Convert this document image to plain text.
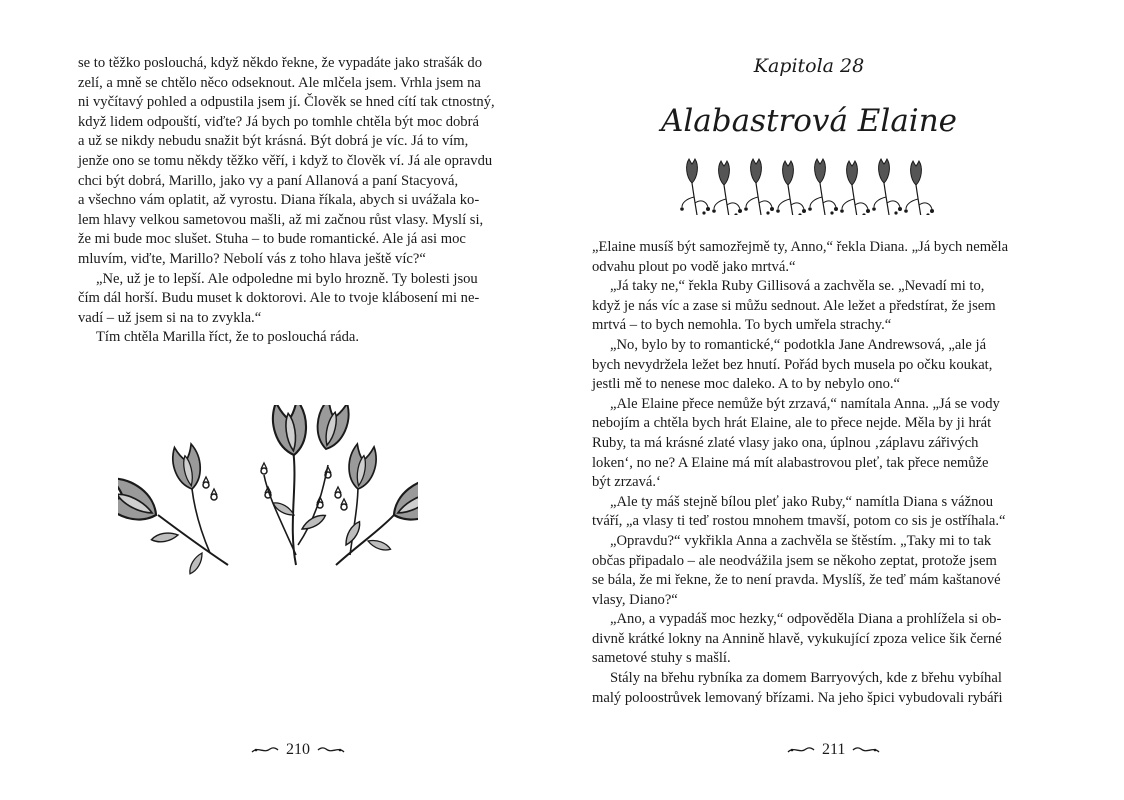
se to těžko poslouchá, když někdo řekne, že vypadáte jako strašák do

zelí, a mně se chtělo něco odseknout. Ale mlčela jsem. Vrhla jsem na

ni vyčítavý pohled a odpustila jsem jí. Člověk se hned cítí tak ctnostný,

když lidem odpouští, viďte? Já bych po tomhle chtěla být moc dobrá

a už se nikdy nebudu snažit být krásná. Být dobrá je víc. Já to vím,

jenže ono se tomu někdy těžko věří, i když to člověk ví. Já ale opravdu

chci být dobrá, Marillo, jako vy a paní Allanová a paní Stacyová,

a všechno vám oplatit, až vyrostu. Diana říkala, abych si uvážala ko-

lem hlavy velkou sametovou mašli, až mi začnou růst vlasy. Myslí si,

že mi bude moc slušet. Stuha – to bude romantické. Ale já asi moc

mluvím, viďte, Marillo? Nebolí vás z toho hlava ještě víc?“

„Ne, už je to lepší. Ale odpoledne mi bylo hrozně. Ty bolesti jsou

čím dál horší. Budu muset k doktorovi. Ale to tvoje klábosení mi ne-

vadí – už jsem si na to zvykla.“

Tím chtěla Marilla říct, že to poslouchá ráda.

210
Kapitola 28
Alabastrová Elaine

„Elaine musíš být samozřejmě ty, Anno,“ řekla Diana. „Já bych neměla

odvahu plout po vodě jako mrtvá.“

„Já taky ne,“ řekla Ruby Gillisová a zachvěla se. „Nevadí mi to,

když je nás víc a zase si můžu sednout. Ale ležet a předstírat, že jsem

mrtvá – to bych nemohla. To bych umřela strachy.“

„No, bylo by to romantické,“ podotkla Jane Andrewsová, „ale já

bych nevydržela ležet bez hnutí. Pořád bych musela po očku koukat,

jestli mě to nenese moc daleko. A to by nebylo ono.“

„Ale Elaine přece nemůže být zrzavá,“ namítala Anna. „Já se vody

nebojím a chtěla bych hrát Elaine, ale to přece nejde. Měla by ji hrát

Ruby, ta má krásné zlaté vlasy jako ona, úplnou ‚záplavu zářivých

loken‘, no ne? A Elaine má mít alabastrovou pleť, tak přece nemůže

být zrzavá.‘

„Ale ty máš stejně bílou pleť jako Ruby,“ namítla Diana s vážnou

tváří, „a vlasy ti teď rostou mnohem tmavší, potom co sis je ostříhala.“

„Opravdu?“ vykřikla Anna a zachvěla se štěstím. „Taky mi to tak

občas připadalo – ale neodvážila jsem se někoho zeptat, protože jsem

se bála, že mi řekne, že to není pravda. Myslíš, že teď mám kaštanové

vlasy, Diano?“

„Ano, a vypadáš moc hezky,“ odpověděla Diana a prohlížela si ob-

divně krátké lokny na Annině hlavě, vykukující zpoza velice šik černé

sametové stuhy s mašlí.

Stály na břehu rybníka za domem Barryových, kde z břehu vybíhal

malý poloostrůvek lemovaný břízami. Na jeho špici vybudovali rybáři

211
